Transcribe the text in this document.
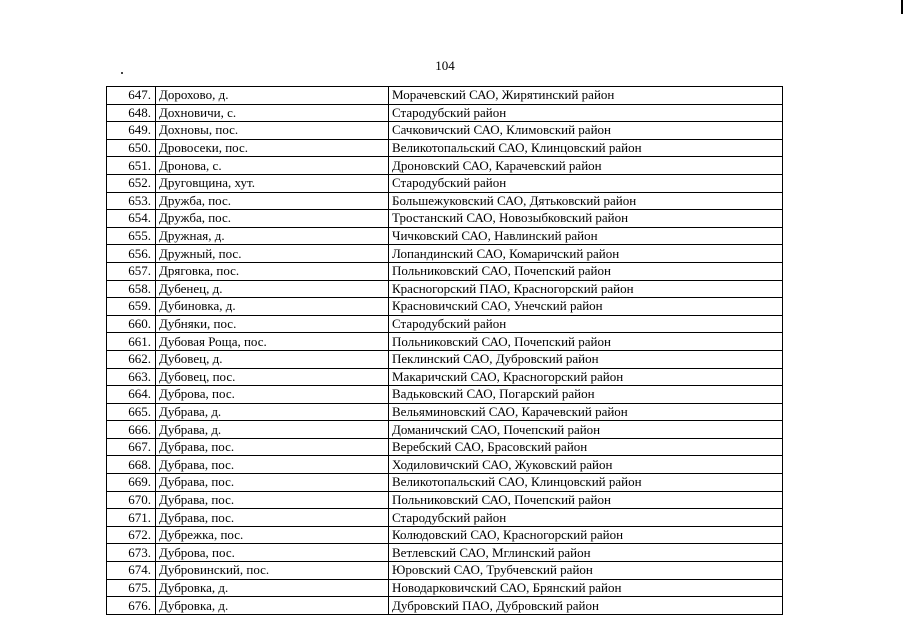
104
647.	Дорохово, д.	Морачевский САО, Жирятинский район
648.	Дохновичи, с.	Стародубский район
649.	Дохновы, пос.	Сачковичский САО, Климовский район
650.	Дровосеки, пос.	Великотопальский САО, Клинцовский район
651.	Дронова, с.	Дроновский САО, Карачевский район
652.	Друговщина, хут.	Стародубский район
653.	Дружба, пос.	Большежуковский САО, Дятьковский район
654.	Дружба, пос.	Тростанский САО, Новозыбковский район
655.	Дружная, д.	Чичковский САО, Навлинский район
656.	Дружный, пос.	Лопандинский САО, Комаричский район
657.	Дряговка, пос.	Польниковский САО, Почепский район
658.	Дубенец, д.	Красногорский ПАО, Красногорский район
659.	Дубиновка, д.	Красновичский САО, Унечский район
660.	Дубняки, пос.	Стародубский район
661.	Дубовая Роща, пос.	Польниковский САО, Почепский район
662.	Дубовец, д.	Пеклинский САО, Дубровский район
663.	Дубовец, пос.	Макаричский САО, Красногорский район
664.	Дуброва, пос.	Вадьковский САО, Погарский район
665.	Дубрава, д.	Вельяминовский САО, Карачевский район
666.	Дубрава, д.	Доманичский САО, Почепский район
667.	Дубрава, пос.	Веребский САО, Брасовский район
668.	Дубрава, пос.	Ходиловичский САО, Жуковский район
669.	Дубрава, пос.	Великотопальский САО, Клинцовский район
670.	Дубрава, пос.	Польниковский САО, Почепский район
671.	Дубрава, пос.	Стародубский район
672.	Дубрежка, пос.	Колюдовский САО, Красногорский район
673.	Дуброва, пос.	Ветлевский САО, Мглинский район
674.	Дубровинский, пос.	Юровский САО, Трубчевский район
675.	Дубровка, д.	Новодарковичский САО, Брянский район
676.	Дубровка, д.	Дубровский ПАО, Дубровский район
